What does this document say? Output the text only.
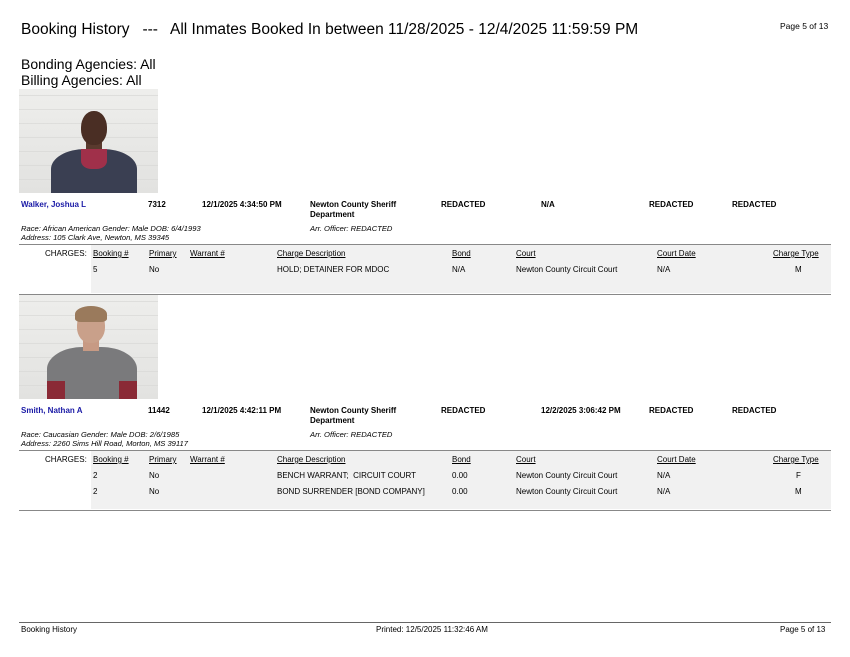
Booking History   ---   All Inmates Booked In between 11/28/2025 - 12/4/2025 11:59:59 PM	Page 5 of 13
Bonding Agencies: All
Billing Agencies: All
Walker, Joshua L	7312	12/1/2025 4:34:50 PM	Newton County Sheriff
Department
REDACTED	N/A	REDACTED	REDACTED
Race: African American Gender: Male DOB: 6/4/1993
Address: 105 Clark Ave, Newton, MS 39345
Arr. Officer: REDACTED
CHARGES: Booking #	Primary Warrant #	Charge Description	Bond	Court	Court Date	Charge Type
5	No	HOLD; DETAINER FOR MDOC	N/A	Newton County Circuit Court	N/A	M
Smith, Nathan A	11442	12/1/2025 4:42:11 PM	Newton County Sheriff
Department
REDACTED	12/2/2025 3:06:42 PM	REDACTED	REDACTED
Race: Caucasian Gender: Male DOB: 2/6/1985
Address: 2260 Sims Hill Road, Morton, MS 39117
Arr. Officer: REDACTED
CHARGES: Booking #	Primary Warrant #	Charge Description	Bond	Court	Court Date	Charge Type
2	No	BENCH WARRANT;  CIRCUIT COURT	0.00	Newton County Circuit Court	N/A	F
2	No	BOND SURRENDER [BOND COMPANY]	0.00	Newton County Circuit Court	N/A	M
Booking History	Printed: 12/5/2025 11:32:46 AM	Page 5 of 13
